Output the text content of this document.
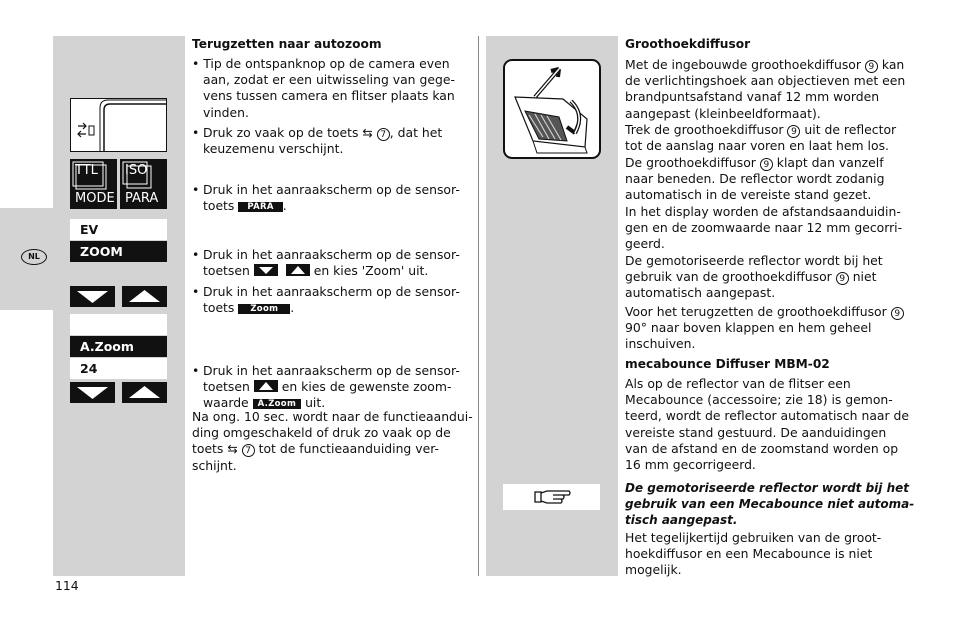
NL
TTL
MODE
ISO
PARA
EV
ZOOM
A.Zoom
24
Terugzetten naar autozoom
• Tip de ontspanknop op de camera even
aan, zodat er een uitwisseling van gege-
vens tussen camera en flitser plaats kan
vinden.
• Druk zo vaak op de toets ⇆ 7 , dat het
keuzemenu verschijnt.
• Druk in het aanraakscherm op de sensor-
toets PARA .
• Druk in het aanraakscherm op de sensor-
toetsen
	en kies 'Zoom' uit.
• Druk in het aanraakscherm op de sensor-
toets Zoom .
• Druk in het aanraakscherm op de sensor-
toetsen	en kies de gewenste zoom-
waarde A.Zoom uit.
Na ong. 10 sec. wordt naar de functieaandui-
ding omgeschakeld of druk zo vaak op de
toets ⇆ 7 tot de functieaanduiding ver-
schijnt.
Groothoekdiffusor
Met de ingebouwde groothoekdiffusor 9 kan
de verlichtingshoek aan objectieven met een
brandpuntsafstand vanaf 12 mm worden
aangepast (kleinbeeldformaat).
Trek de groothoekdiffusor 9 uit de reflector
tot de aanslag naar voren en laat hem los.
De groothoekdiffusor 9 klapt dan vanzelf
naar beneden. De reflector wordt zodanig
automatisch in de vereiste stand gezet.
In het display worden de afstandsaanduidin-
gen en de zoomwaarde naar 12 mm gecorri-
geerd.
De gemotoriseerde reflector wordt bij het
gebruik van de groothoekdiffusor 9 niet
automatisch aangepast.
Voor het terugzetten de groothoekdiffusor 9
90° naar boven klappen en hem geheel
inschuiven.
mecabounce Diffuser MBM-02
Als op de reflector van de flitser een
Mecabounce (accessoire; zie 18) is gemon-
teerd, wordt de reflector automatisch naar de
vereiste stand gestuurd. De aanduidingen
van de afstand en de zoomstand worden op
16 mm gecorrigeerd.
De gemotoriseerde reflector wordt bij het
gebruik van een Mecabounce niet automa-
tisch aangepast.
Het tegelijkertijd gebruiken van de groot-
hoekdiffusor en een Mecabounce is niet
mogelijk.
114
